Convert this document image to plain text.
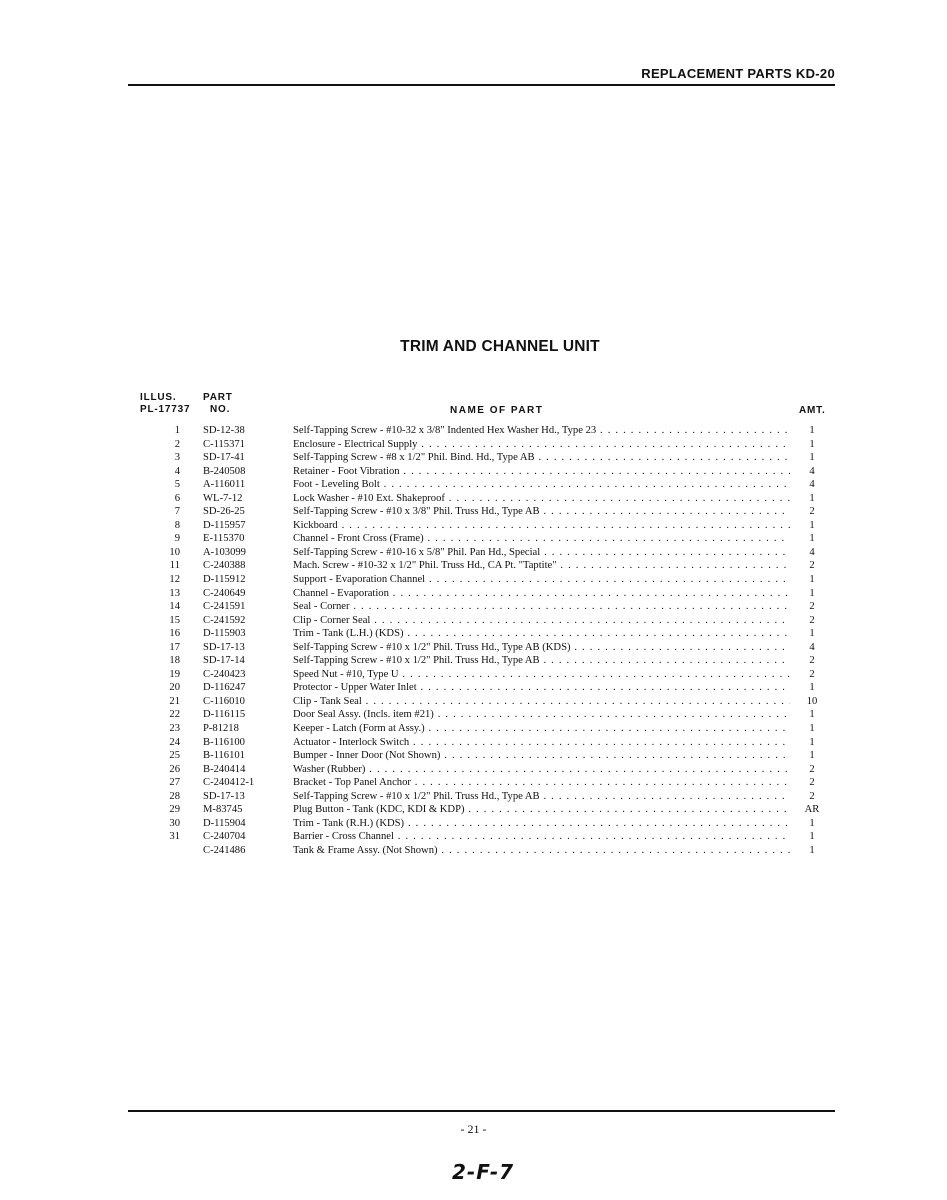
REPLACEMENT PARTS KD-20
TRIM AND CHANNEL UNIT
ILLUS.
PL-17737
PART
NO.	NAME OF PART	AMT.
1 SD-12-38	Self-Tapping Screw - #10-32 x 3/8" Indented Hex Washer Hd., Type 23 . . .	1
2 C-115371	Enclosure - Electrical Supply . . .	1
3 SD-17-41	Self-Tapping Screw - #8 x 1/2" Phil. Bind. Hd., Type AB . . .	1
4 B-240508	Retainer - Foot Vibration . . .	4
5 A-116011	Foot - Leveling Bolt . . .	4
6 WL-7-12	Lock Washer - #10 Ext. Shakeproof . . .	1
7 SD-26-25	Self-Tapping Screw - #10 x 3/8" Phil. Truss Hd., Type AB . . .	2
8 D-115957	Kickboard . . .	1
9 E-115370	Channel - Front Cross (Frame) . . .	1
10 A-103099	Self-Tapping Screw - #10-16 x 5/8" Phil. Pan Hd., Special . . .	4
11 C-240388	Mach. Screw - #10-32 x 1/2" Phil. Truss Hd., CA Pt. "Taptite" . . .	2
12 D-115912	Support - Evaporation Channel . . .	1
13 C-240649	Channel - Evaporation . . .	1
14 C-241591	Seal - Corner . . .	2
15 C-241592	Clip - Corner Seal . . .	2
16 D-115903	Trim - Tank (L.H.) (KDS) . . .	1
17 SD-17-13	Self-Tapping Screw - #10 x 1/2" Phil. Truss Hd., Type AB (KDS) . . .	4
18 SD-17-14	Self-Tapping Screw - #10 x 1/2" Phil. Truss Hd., Type AB . . .	2
19 C-240423	Speed Nut - #10, Type U . . .	2
20 D-116247	Protector - Upper Water Inlet . . .	1
21 C-116010	Clip - Tank Seal . . .	10
22 D-116115	Door Seal Assy. (Incls. item #21) . . .	1
23 P-81218	Keeper - Latch (Form at Assy.) . . .	1
24 B-116100	Actuator - Interlock Switch . . .	1
25 B-116101	Bumper - Inner Door (Not Shown) . . .	1
26 B-240414	Washer (Rubber) . . .	2
27 C-240412-1	Bracket - Top Panel Anchor . . .	2
28 SD-17-13	Self-Tapping Screw - #10 x 1/2" Phil. Truss Hd., Type AB . . .	2
29 M-83745	Plug Button - Tank (KDC, KDI & KDP) . . .	AR
30 D-115904	Trim - Tank (R.H.) (KDS) . . .	1
31 C-240704	Barrier - Cross Channel . . .	1
C-241486	Tank & Frame Assy. (Not Shown) . . .	1
- 21 -
2-F-7
